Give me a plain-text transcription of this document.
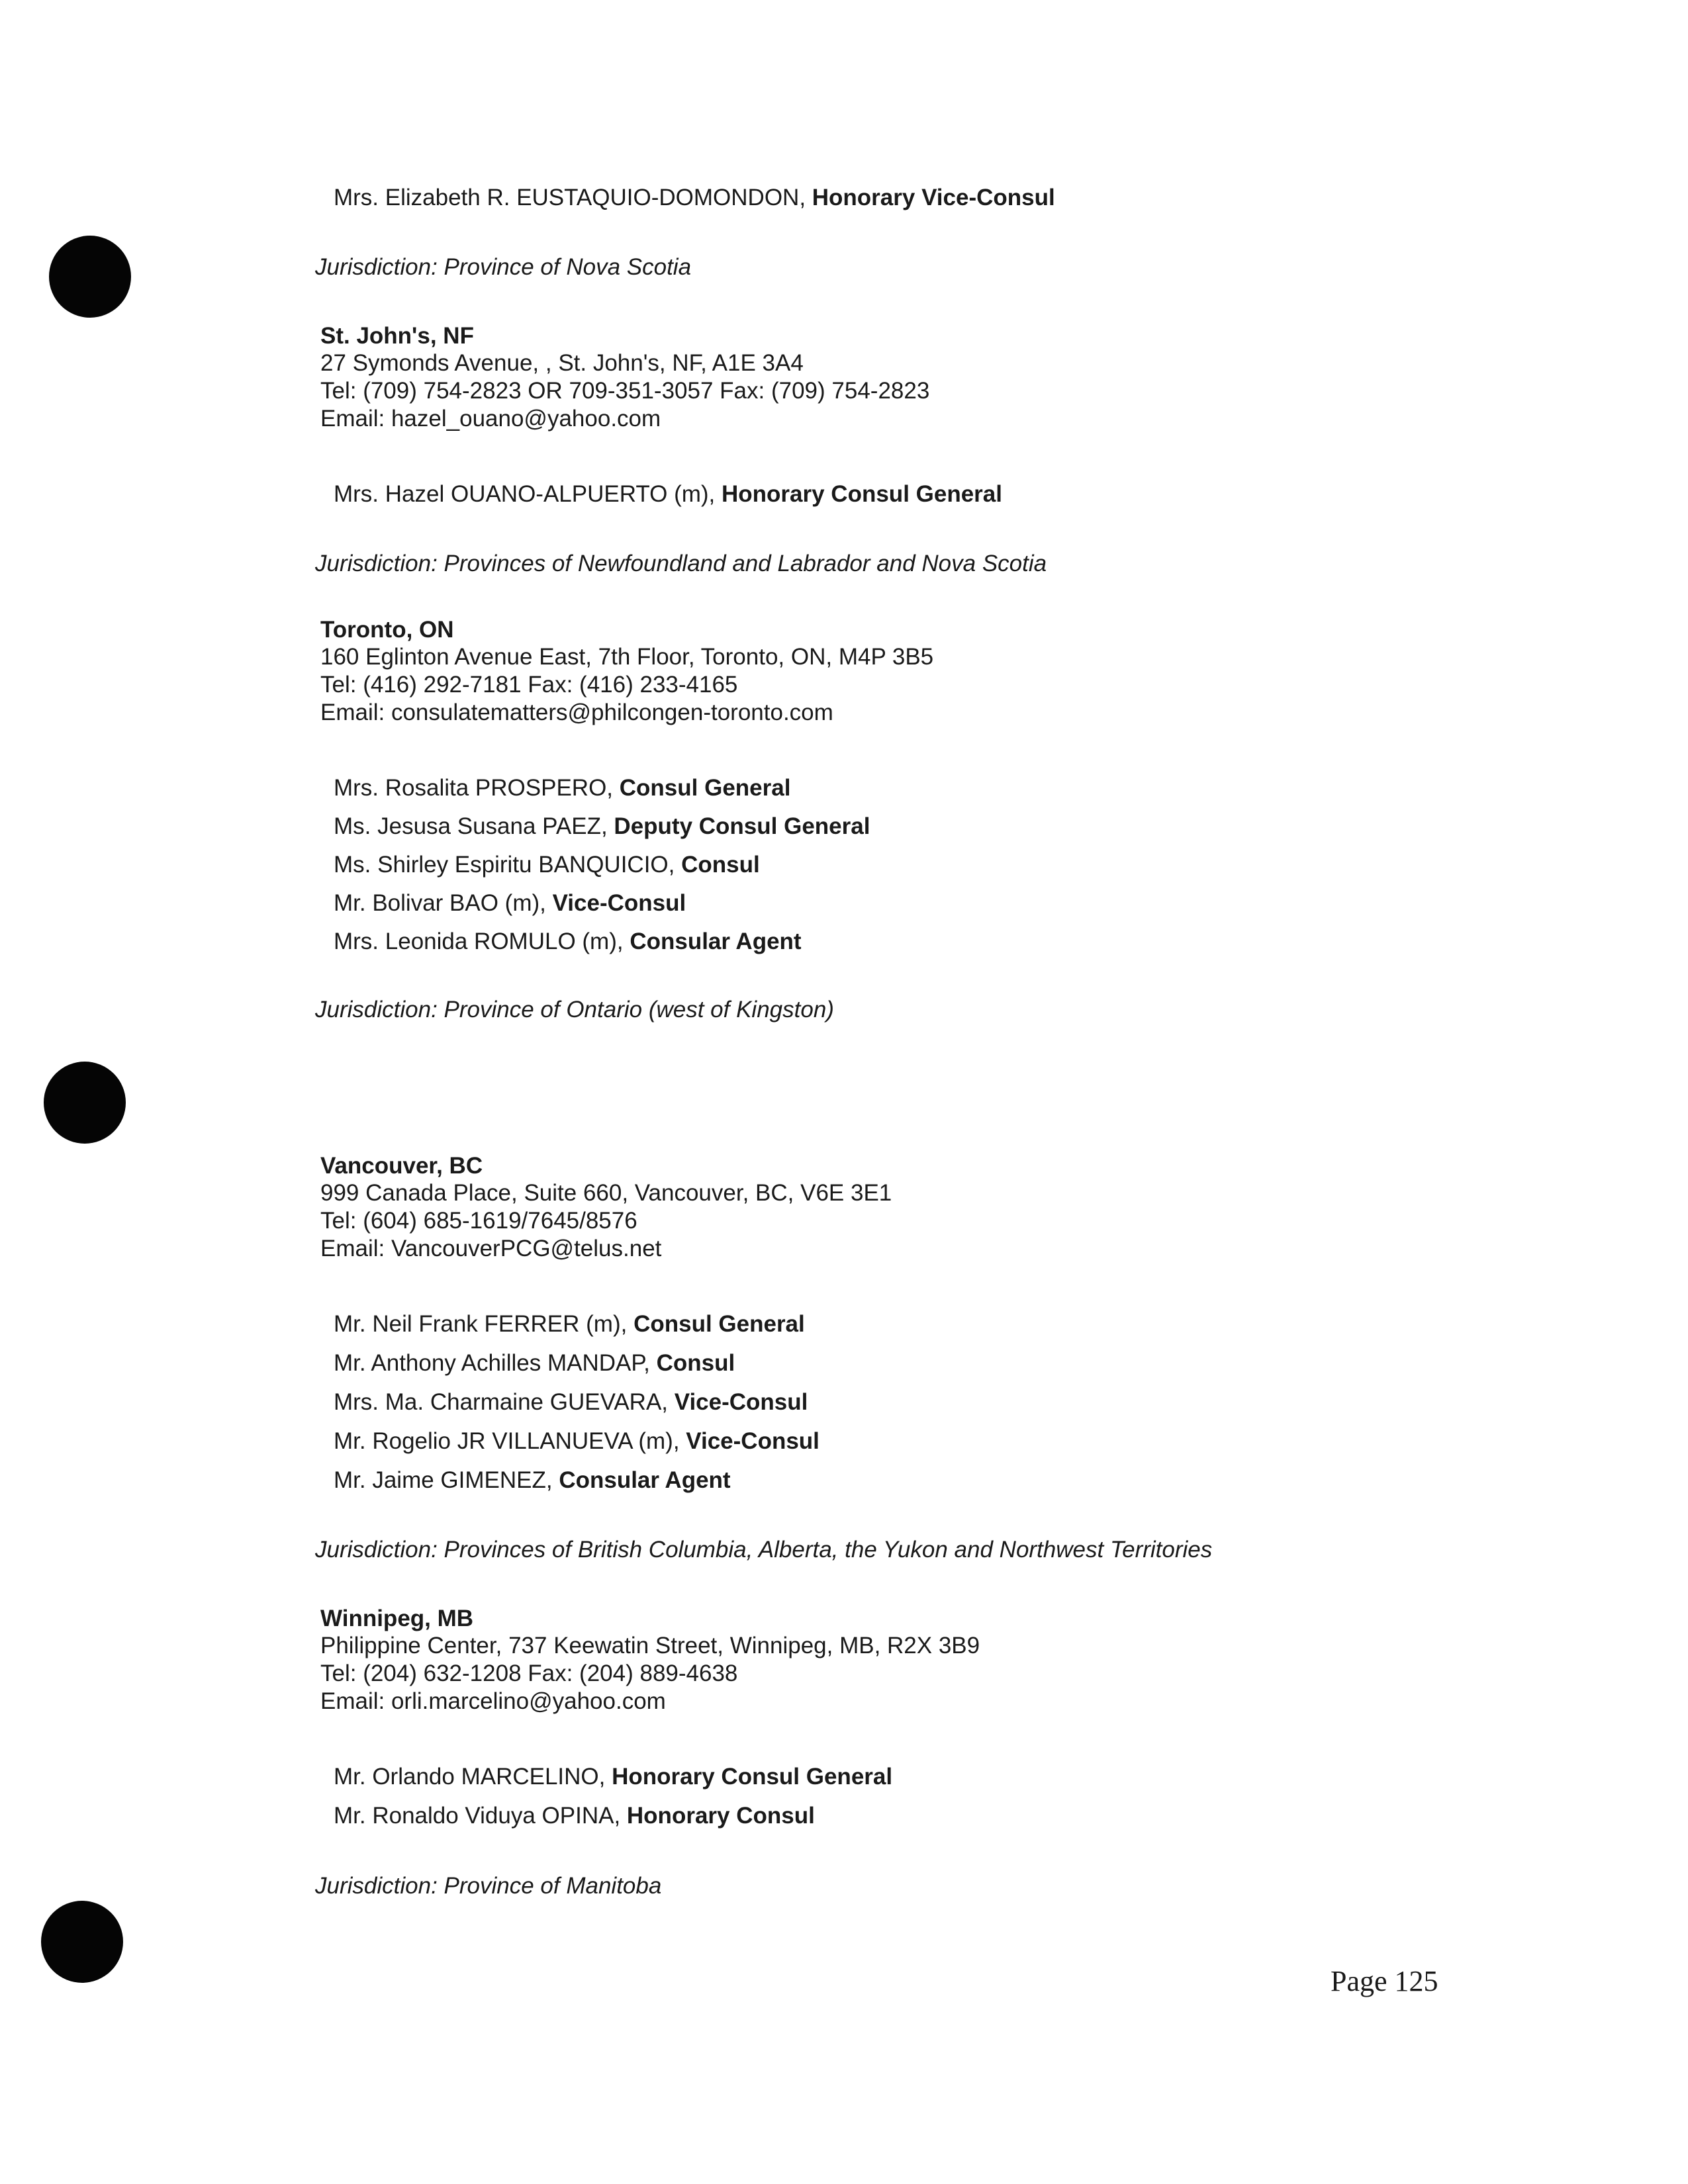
Mrs. Elizabeth R. EUSTAQUIO-DOMONDON, Honorary Vice-Consul
Jurisdiction: Province of Nova Scotia
St. John's, NF
27 Symonds Avenue, , St. John's, NF, A1E 3A4
Tel: (709) 754-2823 OR 709-351-3057 Fax: (709) 754-2823
Email: hazel_ouano@yahoo.com
Mrs. Hazel OUANO-ALPUERTO (m), Honorary Consul General
Jurisdiction: Provinces of Newfoundland and Labrador and Nova Scotia
Toronto, ON
160 Eglinton Avenue East, 7th Floor, Toronto, ON, M4P 3B5
Tel: (416) 292-7181 Fax: (416) 233-4165
Email: consulatematters@philcongen-toronto.com
Mrs. Rosalita PROSPERO, Consul General
Ms. Jesusa Susana PAEZ, Deputy Consul General
Ms. Shirley Espiritu BANQUICIO, Consul
Mr. Bolivar BAO (m), Vice-Consul
Mrs. Leonida ROMULO (m), Consular Agent
Jurisdiction: Province of Ontario (west of Kingston)
Vancouver, BC
999 Canada Place, Suite 660, Vancouver, BC, V6E 3E1
Tel: (604) 685-1619/7645/8576
Email: VancouverPCG@telus.net
Mr. Neil Frank FERRER (m), Consul General
Mr. Anthony Achilles MANDAP, Consul
Mrs. Ma. Charmaine GUEVARA, Vice-Consul
Mr. Rogelio JR VILLANUEVA (m), Vice-Consul
Mr. Jaime GIMENEZ, Consular Agent
Jurisdiction: Provinces of British Columbia, Alberta, the Yukon and Northwest Territories
Winnipeg, MB
Philippine Center, 737 Keewatin Street, Winnipeg, MB, R2X 3B9
Tel: (204) 632-1208 Fax: (204) 889-4638
Email: orli.marcelino@yahoo.com
Mr. Orlando MARCELINO, Honorary Consul General
Mr. Ronaldo Viduya OPINA, Honorary Consul
Jurisdiction: Province of Manitoba
Page 125
